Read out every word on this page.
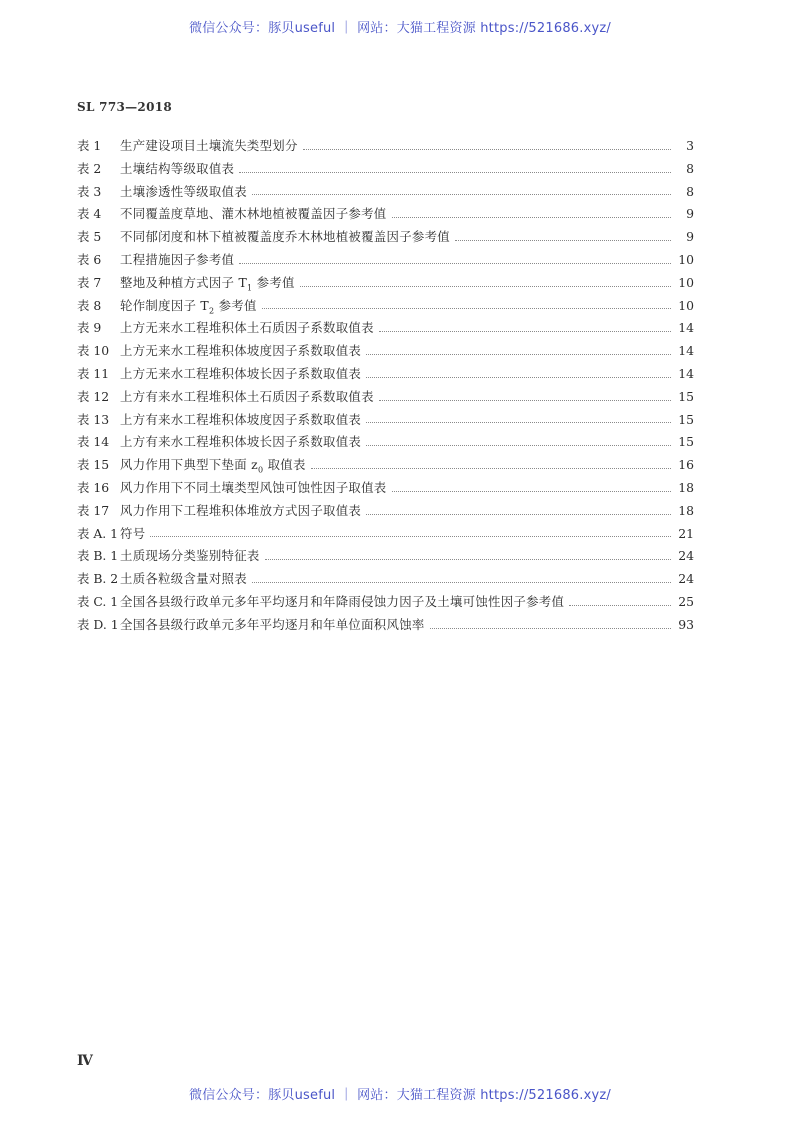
微信公众号：豚贝useful ｜ 网站：大猫工程资源 https://521686.xyz/
SL 773—2018
表 1	生产建设项目土壤流失类型划分	3
表 2	土壤结构等级取值表	8
表 3	土壤渗透性等级取值表	8
表 4	不同覆盖度草地、灌木林地植被覆盖因子参考值	9
表 5	不同郁闭度和林下植被覆盖度乔木林地植被覆盖因子参考值	9
表 6	工程措施因子参考值	10
表 7	整地及种植方式因子 $T_1$ 参考值	10
表 8	轮作制度因子 $T_2$ 参考值	10
表 9	上方无来水工程堆积体土石质因子系数取值表	14
表 10 上方无来水工程堆积体坡度因子系数取值表	14
表 11 上方无来水工程堆积体坡长因子系数取值表	14
表 12 上方有来水工程堆积体土石质因子系数取值表	15
表 13 上方有来水工程堆积体坡度因子系数取值表	15
表 14 上方有来水工程堆积体坡长因子系数取值表	15
表 15 风力作用下典型下垫面 $z_0$ 取值表	16
表 16 风力作用下不同土壤类型风蚀可蚀性因子取值表	18
表 17 风力作用下工程堆积体堆放方式因子取值表	18
表 A. 1 符号	21
表 B. 1 土质现场分类鉴别特征表	24
表 B. 2 土质各粒级含量对照表	24
表 C. 1 全国各县级行政单元多年平均逐月和年降雨侵蚀力因子及土壤可蚀性因子参考值	25
表 D. 1 全国各县级行政单元多年平均逐月和年单位面积风蚀率	93
Ⅳ
微信公众号：豚贝useful ｜ 网站：大猫工程资源 https://521686.xyz/
